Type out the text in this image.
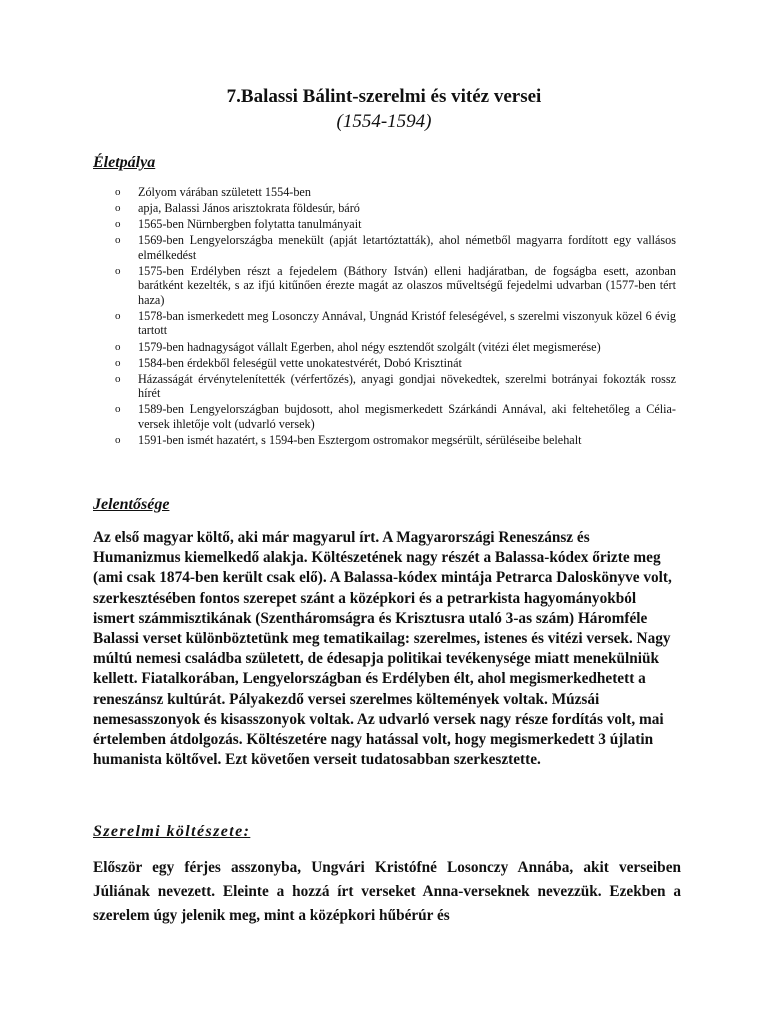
7.Balassi Bálint-szerelmi és vitéz versei

(1554-1594)

Életpálya
o Zólyom várában született 1554-ben
o apja, Balassi János arisztokrata földesúr, báró
o 1565-ben Nürnbergben folytatta tanulmányait
o 1569-ben Lengyelországba menekült (apját letartóztatták), ahol németből magyarra fordított egy vallásos elmélkedést
o 1575-ben Erdélyben részt a fejedelem (Báthory István) elleni hadjáratban, de fogságba esett, azonban barátként kezelték, s az ifjú kitűnően érezte magát az olaszos műveltségű fejedelmi udvarban (1577-ben tért haza)
o 1578-ban ismerkedett meg Losonczy Annával, Ungnád Kristóf feleségével, s szerelmi viszonyuk közel 6 évig tartott
o 1579-ben hadnagyságot vállalt Egerben, ahol négy esztendőt szolgált (vitézi élet megismerése)
o 1584-ben érdekből feleségül vette unokatestvérét, Dobó Krisztinát
o Házasságát érvénytelenítették (vérfertőzés), anyagi gondjai növekedtek, szerelmi botrányai fokozták rossz hírét
o 1589-ben Lengyelországban bujdosott, ahol megismerkedett Szárkándi Annával, aki feltehetőleg a Célia-versek ihletője volt (udvarló versek)
o 1591-ben ismét hazatért, s 1594-ben Esztergom ostromakor megsérült, sérüléseibe belehalt
Jelentősége

Az első magyar költő, aki már magyarul írt. A Magyarországi Reneszánsz és Humanizmus kiemelkedő alakja. Költészetének nagy részét a Balassa-kódex őrizte meg (ami csak 1874-ben került csak elő). A Balassa-kódex mintája Petrarca Daloskönyve volt, szerkesztésében fontos szerepet szánt a középkori és a petrarkista hagyományokból ismert számmisztikának (Szentháromságra és Krisztusra utaló 3-as szám) Háromféle Balassi verset különböztetünk meg tematikailag: szerelmes, istenes és vitézi versek. Nagy múltú nemesi családba született, de édesapja politikai tevékenysége miatt menekülniük kellett. Fiatalkorában, Lengyelországban és Erdélyben élt, ahol megismerkedhetett a reneszánsz kultúrát. Pályakezdő versei szerelmes költemények voltak. Múzsái nemesasszonyok és kisasszonyok voltak. Az udvarló versek nagy része fordítás volt, mai értelemben átdolgozás. Költészetére nagy hatással volt, hogy megismerkedett 3 újlatin humanista költővel. Ezt követően verseit tudatosabban szerkesztette.

Szerelmi költészete:

Először egy férjes asszonyba, Ungvári Kristófné Losonczy Annába, akit verseiben Júliának nevezett. Eleinte a hozzá írt verseket Anna-verseknek nevezzük. Ezekben a szerelem úgy jelenik meg, mint a középkori hűbérúr és
